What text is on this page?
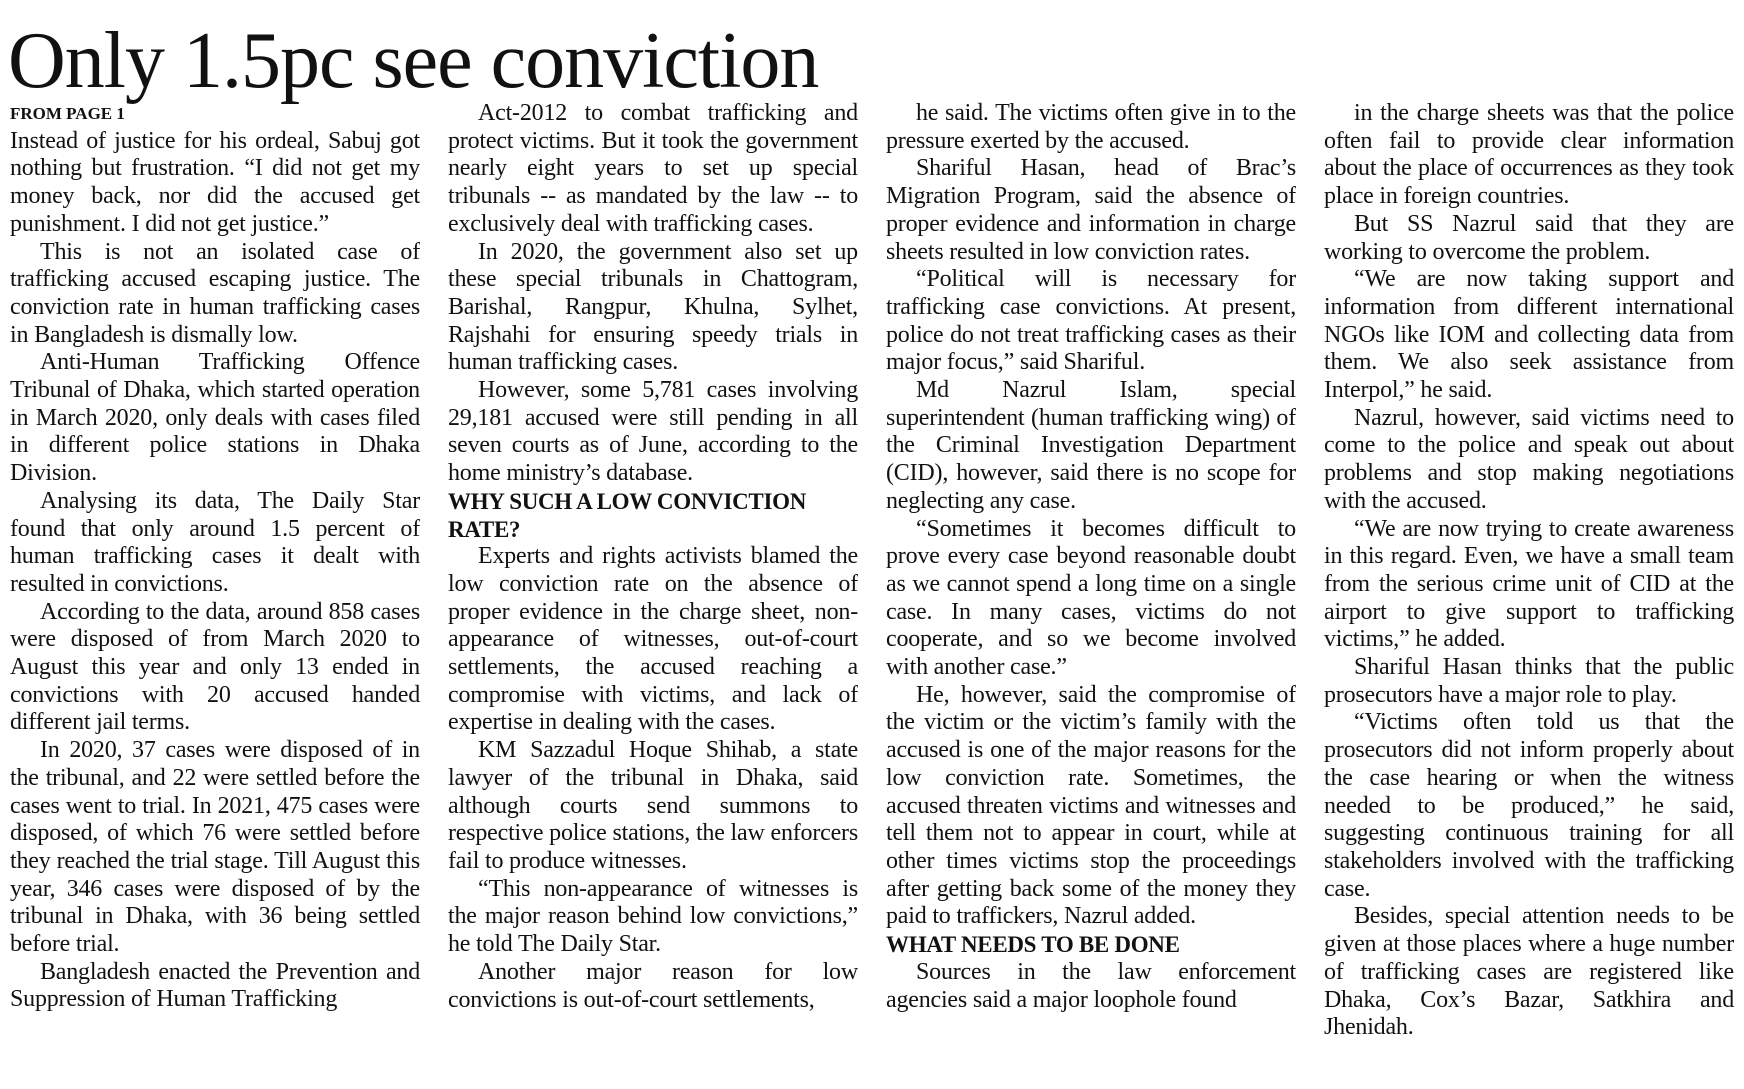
Only 1.5pc see conviction
FROM PAGE 1

Instead of justice for his ordeal, Sabuj got nothing but frustration. “I did not get my money back, nor did the accused get punishment. I did not get justice.”

This is not an isolated case of trafficking accused escaping justice. The conviction rate in human trafficking cases in Bangladesh is dismally low.

Anti-Human Trafficking Offence Tribunal of Dhaka, which started operation in March 2020, only deals with cases filed in different police stations in Dhaka Division.

Analysing its data, The Daily Star found that only around 1.5 percent of human trafficking cases it dealt with resulted in convictions.

According to the data, around 858 cases were disposed of from March 2020 to August this year and only 13 ended in convictions with 20 accused handed different jail terms.

In 2020, 37 cases were disposed of in the tribunal, and 22 were settled before the cases went to trial. In 2021, 475 cases were disposed, of which 76 were settled before they reached the trial stage. Till August this year, 346 cases were disposed of by the tribunal in Dhaka, with 36 being settled before trial.

Bangladesh enacted the Prevention and Suppression of Human Trafficking

Act-2012 to combat trafficking and protect victims. But it took the government nearly eight years to set up special tribunals -- as mandated by the law -- to exclusively deal with trafficking cases.

In 2020, the government also set up these special tribunals in Chattogram, Barishal, Rangpur, Khulna, Sylhet, Rajshahi for ensuring speedy trials in human trafficking cases.

However, some 5,781 cases involving 29,181 accused were still pending in all seven courts as of June, according to the home ministry’s database.

WHY SUCH A LOW CONVICTION RATE?

Experts and rights activists blamed the low conviction rate on the absence of proper evidence in the charge sheet, non-appearance of witnesses, out-of-court settlements, the accused reaching a compromise with victims, and lack of expertise in dealing with the cases.

KM Sazzadul Hoque Shihab, a state lawyer of the tribunal in Dhaka, said although courts send summons to respective police stations, the law enforcers fail to produce witnesses.

“This non-appearance of witnesses is the major reason behind low convictions,” he told The Daily Star.

Another major reason for low convictions is out-of-court settlements,

he said. The victims often give in to the pressure exerted by the accused.

Shariful Hasan, head of Brac’s Migration Program, said the absence of proper evidence and information in charge sheets resulted in low conviction rates.

“Political will is necessary for trafficking case convictions. At present, police do not treat trafficking cases as their major focus,” said Shariful.

Md Nazrul Islam, special superintendent (human trafficking wing) of the Criminal Investigation Department (CID), however, said there is no scope for neglecting any case.

“Sometimes it becomes difficult to prove every case beyond reasonable doubt as we cannot spend a long time on a single case. In many cases, victims do not cooperate, and so we become involved with another case.”

He, however, said the compromise of the victim or the victim’s family with the accused is one of the major reasons for the low conviction rate. Sometimes, the accused threaten victims and witnesses and tell them not to appear in court, while at other times victims stop the proceedings after getting back some of the money they paid to traffickers, Nazrul added.

WHAT NEEDS TO BE DONE

Sources in the law enforcement agencies said a major loophole found

in the charge sheets was that the police often fail to provide clear information about the place of occurrences as they took place in foreign countries.

But SS Nazrul said that they are working to overcome the problem.

“We are now taking support and information from different international NGOs like IOM and collecting data from them. We also seek assistance from Interpol,” he said.

Nazrul, however, said victims need to come to the police and speak out about problems and stop making negotiations with the accused.

“We are now trying to create awareness in this regard. Even, we have a small team from the serious crime unit of CID at the airport to give support to trafficking victims,” he added.

Shariful Hasan thinks that the public prosecutors have a major role to play.

“Victims often told us that the prosecutors did not inform properly about the case hearing or when the witness needed to be produced,” he said, suggesting continuous training for all stakeholders involved with the trafficking case.

Besides, special attention needs to be given at those places where a huge number of trafficking cases are registered like Dhaka, Cox’s Bazar, Satkhira and Jhenidah.
